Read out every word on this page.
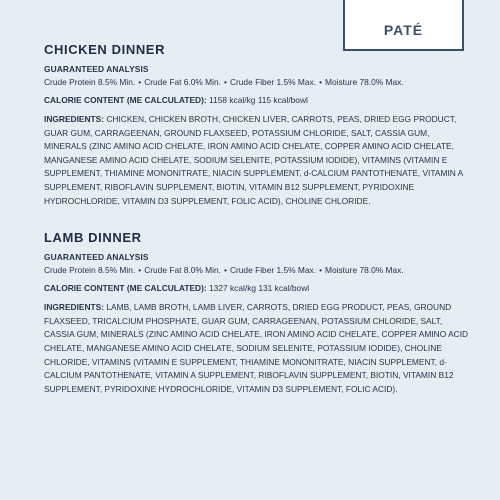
PATÉ
CHICKEN DINNER
GUARANTEED ANALYSIS
Crude Protein 8.5% Min. • Crude Fat 6.0% Min. • Crude Fiber 1.5% Max. • Moisture 78.0% Max.
CALORIE CONTENT (ME CALCULATED): 1158 kcal/kg 115 kcal/bowl
INGREDIENTS: CHICKEN, CHICKEN BROTH, CHICKEN LIVER, CARROTS, PEAS, DRIED EGG PRODUCT, GUAR GUM, CARRAGEENAN, GROUND FLAXSEED, POTASSIUM CHLORIDE, SALT, CASSIA GUM, MINERALS (ZINC AMINO ACID CHELATE, IRON AMINO ACID CHELATE, COPPER AMINO ACID CHELATE, MANGANESE AMINO ACID CHELATE, SODIUM SELENITE, POTASSIUM IODIDE), VITAMINS (VITAMIN E SUPPLEMENT, THIAMINE MONONITRATE, NIACIN SUPPLEMENT, d-CALCIUM PANTOTHENATE, VITAMIN A SUPPLEMENT, RIBOFLAVIN SUPPLEMENT, BIOTIN, VITAMIN B12 SUPPLEMENT, PYRIDOXINE HYDROCHLORIDE, VITAMIN D3 SUPPLEMENT, FOLIC ACID), CHOLINE CHLORIDE.
LAMB DINNER
GUARANTEED ANALYSIS
Crude Protein 8.5% Min. • Crude Fat 8.0% Min. • Crude Fiber 1.5% Max. • Moisture 78.0% Max.
CALORIE CONTENT (ME CALCULATED): 1327 kcal/kg 131 kcal/bowl
INGREDIENTS: LAMB, LAMB BROTH, LAMB LIVER, CARROTS, DRIED EGG PRODUCT, PEAS, GROUND FLAXSEED, TRICALCIUM PHOSPHATE, GUAR GUM, CARRAGEENAN, POTASSIUM CHLORIDE, SALT, CASSIA GUM, MINERALS (ZINC AMINO ACID CHELATE, IRON AMINO ACID CHELATE, COPPER AMINO ACID CHELATE, MANGANESE AMINO ACID CHELATE, SODIUM SELENITE, POTASSIUM IODIDE), CHOLINE CHLORIDE, VITAMINS (VITAMIN E SUPPLEMENT, THIAMINE MONONITRATE, NIACIN SUPPLEMENT, d-CALCIUM PANTOTHENATE, VITAMIN A SUPPLEMENT, RIBOFLAVIN SUPPLEMENT, BIOTIN, VITAMIN B12 SUPPLEMENT, PYRIDOXINE HYDROCHLORIDE, VITAMIN D3 SUPPLEMENT, FOLIC ACID).
